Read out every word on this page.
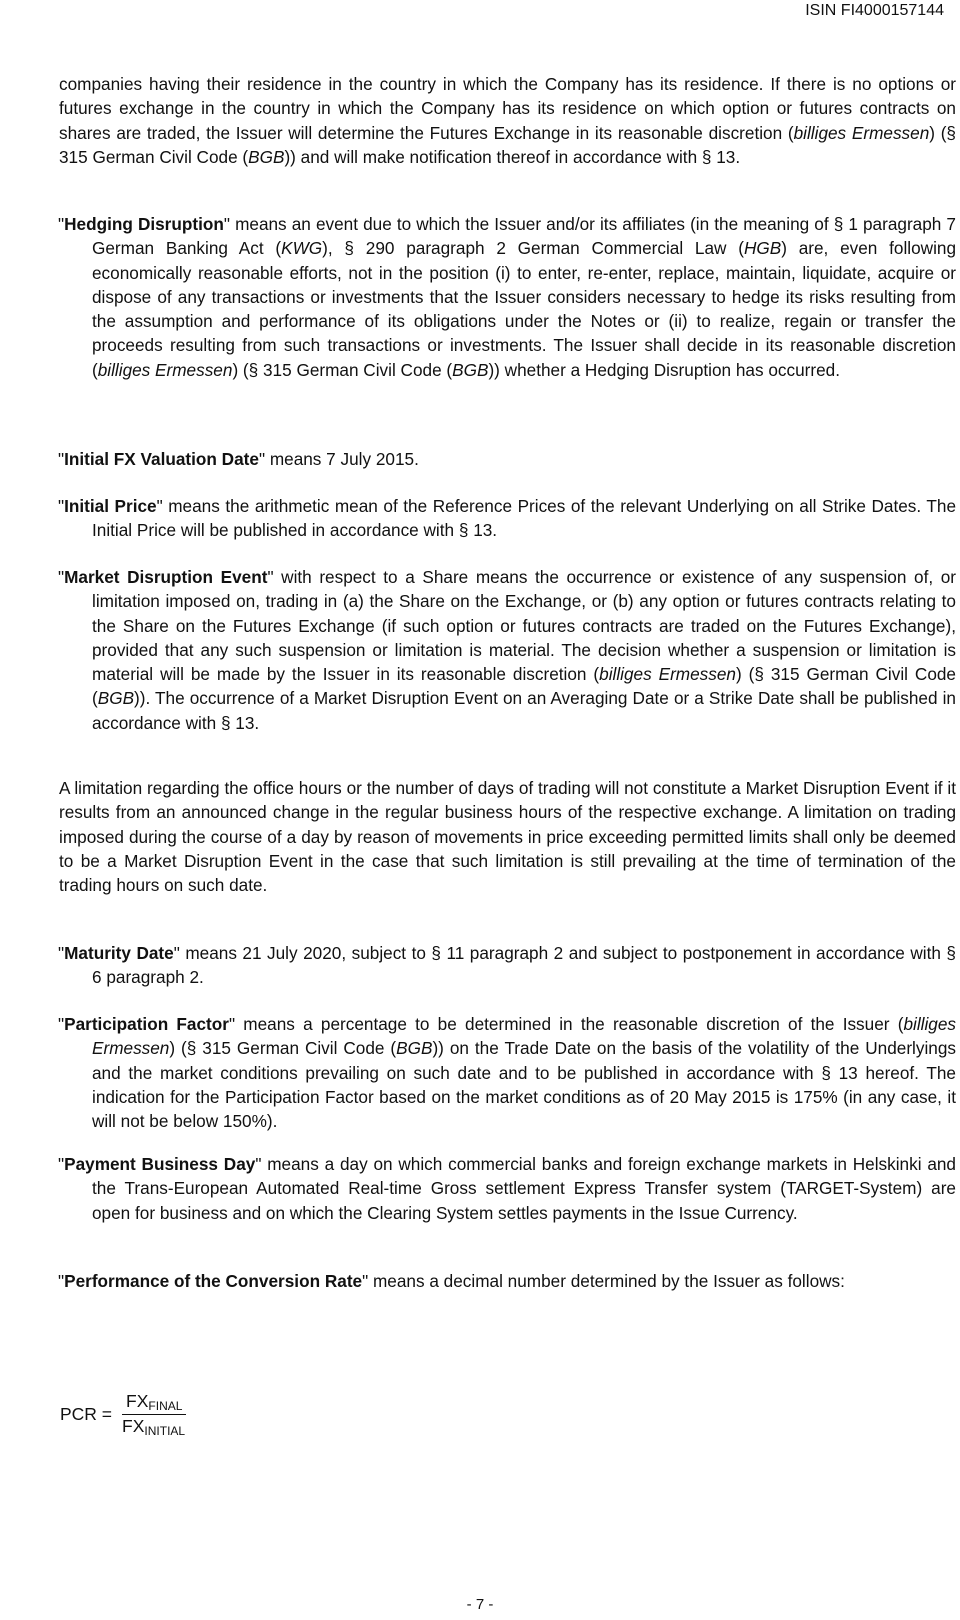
ISIN FI4000157144

companies having their residence in the country in which the Company has its residence. If there is no options or futures exchange in the country in which the Company has its residence on which option or futures contracts on shares are traded, the Issuer will determine the Futures Exchange in its reasonable discretion (billiges Ermessen) (§ 315 German Civil Code (BGB)) and will make notification thereof in accordance with § 13.

"Hedging Disruption" means an event due to which the Issuer and/or its affiliates (in the meaning of § 1 paragraph 7 German Banking Act (KWG), § 290 paragraph 2 German Commercial Law (HGB) are, even following economically reasonable efforts, not in the position (i) to enter, re-enter, replace, maintain, liquidate, acquire or dispose of any transactions or investments that the Issuer considers necessary to hedge its risks resulting from the assumption and performance of its obligations under the Notes or (ii) to realize, regain or transfer the proceeds resulting from such transactions or investments. The Issuer shall decide in its reasonable discretion (billiges Ermessen) (§ 315 German Civil Code (BGB)) whether a Hedging Disruption has occurred.

"Initial FX Valuation Date" means 7 July 2015.

"Initial Price" means the arithmetic mean of the Reference Prices of the relevant Underlying on all Strike Dates. The Initial Price will be published in accordance with § 13.

"Market Disruption Event" with respect to a Share means the occurrence or existence of any suspension of, or limitation imposed on, trading in (a) the Share on the Exchange, or (b) any option or futures contracts relating to the Share on the Futures Exchange (if such option or futures contracts are traded on the Futures Exchange), provided that any such suspension or limitation is material. The decision whether a suspension or limitation is material will be made by the Issuer in its reasonable discretion (billiges Ermessen) (§ 315 German Civil Code (BGB)). The occurrence of a Market Disruption Event on an Averaging Date or a Strike Date shall be published in accordance with § 13.

A limitation regarding the office hours or the number of days of trading will not constitute a Market Disruption Event if it results from an announced change in the regular business hours of the respective exchange. A limitation on trading imposed during the course of a day by reason of movements in price exceeding permitted limits shall only be deemed to be a Market Disruption Event in the case that such limitation is still prevailing at the time of termination of the trading hours on such date.

"Maturity Date" means 21 July 2020, subject to § 11 paragraph 2 and subject to postponement in accordance with § 6 paragraph 2.

"Participation Factor" means a percentage to be determined in the reasonable discretion of the Issuer (billiges Ermessen) (§ 315 German Civil Code (BGB)) on the Trade Date on the basis of the volatility of the Underlyings and the market conditions prevailing on such date and to be published in accordance with § 13 hereof. The indication for the Participation Factor based on the market conditions as of 20 May 2015 is 175% (in any case, it will not be below 150%).

"Payment Business Day" means a day on which commercial banks and foreign exchange markets in Helskinki and the Trans-European Automated Real-time Gross settlement Express Transfer system (TARGET-System) are open for business and on which the Clearing System settles payments in the Issue Currency.

"Performance of the Conversion Rate" means a decimal number determined by the Issuer as follows:

PCR = $\frac{FX_{FINAL}}{FX_{INITIAL}}$
- 7 -
